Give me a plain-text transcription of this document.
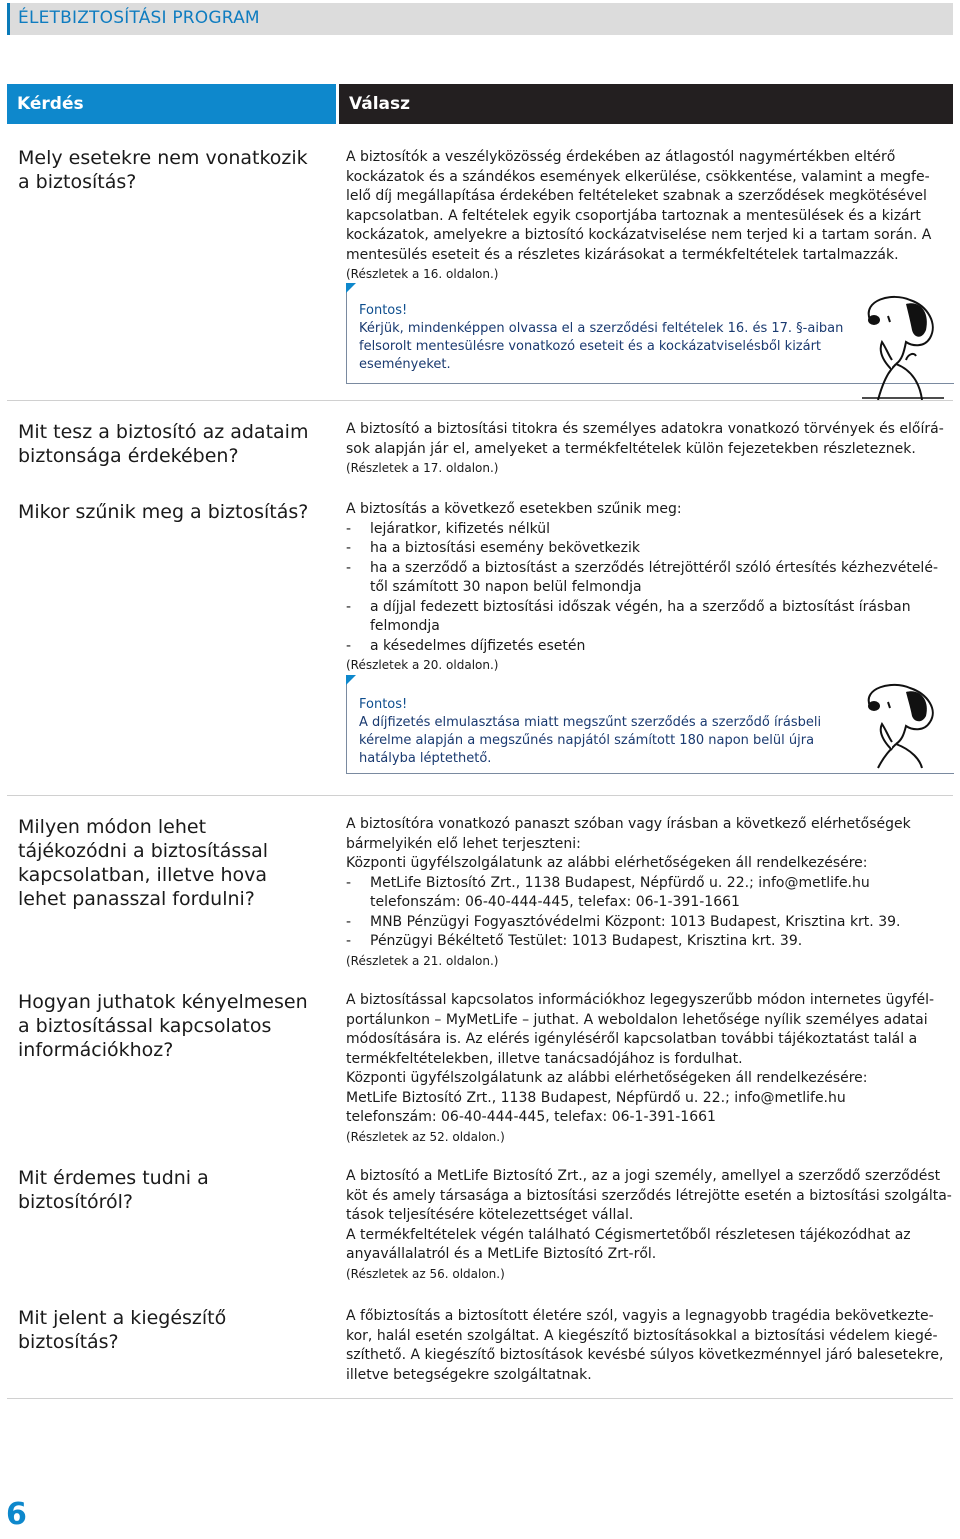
ÉLETBIZTOSÍTÁSI PROGRAM
Kérdés	Válasz
Mely esetekre nem vonatkozik
a biztosítás?
A biztosítók a veszélyközösség érdekében az átlagostól nagymértékben eltérő
kockázatok és a szándékos események elkerülése, csökkentése, valamint a megfe-
lelő díj megállapítása érdekében feltételeket szabnak a szerződések megkötésével
kapcsolatban. A feltételek egyik csoportjába tartoznak a mentesülések és a kizárt
kockázatok, amelyekre a biztosító kockázatviselése nem terjed ki a tartam során. A
mentesülés eseteit és a részletes kizárásokat a termékfeltételek tartalmazzák.
(Részletek a 16. oldalon.)
Fontos!
Kérjük, mindenképpen olvassa el a szerződési feltételek 16. és 17. §-aiban
felsorolt mentesülésre vonatkozó eseteit és a kockázatviselésből kizárt
eseményeket.
Mit tesz a biztosító az adataim
biztonsága érdekében?
A biztosító a biztosítási titokra és személyes adatokra vonatkozó törvények és előírá-
sok alapján jár el, amelyeket a termékfeltételek külön fejezetekben részleteznek.
(Részletek a 17. oldalon.)
Mikor szűnik meg a biztosítás?	A biztosítás a következő esetekben szűnik meg:
- lejáratkor, kifizetés nélkül
- ha a biztosítási esemény bekövetkezik
- ha a szerződő a biztosítást a szerződés létrejöttéről szóló értesítés kézhezvételé-
től számított 30 napon belül felmondja
- a díjjal fedezett biztosítási időszak végén, ha a szerződő a biztosítást írásban
felmondja
- a késedelmes díjfizetés esetén
(Részletek a 20. oldalon.)
Fontos!
A díjfizetés elmulasztása miatt megszűnt szerződés a szerződő írásbeli
kérelme alapján a megszűnés napjától számított 180 napon belül újra
hatályba léptethető.
Milyen módon lehet
tájékozódni a biztosítással
kapcsolatban, illetve hova
lehet panasszal fordulni?
A biztosítóra vonatkozó panaszt szóban vagy írásban a következő elérhetőségek
bármelyikén elő lehet terjeszteni:
Központi ügyfélszolgálatunk az alábbi elérhetőségeken áll rendelkezésére:
- MetLife Biztosító Zrt., 1138 Budapest, Népfürdő u. 22.; info@metlife.hu
telefonszám: 06-40-444-445, telefax: 06-1-391-1661
- MNB Pénzügyi Fogyasztóvédelmi Központ: 1013 Budapest, Krisztina krt. 39.
- Pénzügyi Békéltető Testület: 1013 Budapest, Krisztina krt. 39.
(Részletek a 21. oldalon.)
Hogyan juthatok kényelmesen
a biztosítással kapcsolatos
információkhoz?
A biztosítással kapcsolatos információkhoz legegyszerűbb módon internetes ügyfél-
portálunkon – MyMetLife – juthat. A weboldalon lehetősége nyílik személyes adatai
módosítására is. Az elérés igényléséről kapcsolatban további tájékoztatást talál a
termékfeltételekben, illetve tanácsadójához is fordulhat.
Központi ügyfélszolgálatunk az alábbi elérhetőségeken áll rendelkezésére:
MetLife Biztosító Zrt., 1138 Budapest, Népfürdő u. 22.; info@metlife.hu
telefonszám: 06-40-444-445, telefax: 06-1-391-1661
(Részletek az 52. oldalon.)
Mit érdemes tudni a
biztosítóról?
A biztosító a MetLife Biztosító Zrt., az a jogi személy, amellyel a szerződő szerződést
köt és amely társasága a biztosítási szerződés létrejötte esetén a biztosítási szolgálta-
tások teljesítésére kötelezettséget vállal.
A termékfeltételek végén található Cégismertetőből részletesen tájékozódhat az
anyavállalatról és a MetLife Biztosító Zrt-ről.
(Részletek az 56. oldalon.)
Mit jelent a kiegészítő
biztosítás?
A főbiztosítás a biztosított életére szól, vagyis a legnagyobb tragédia bekövetkezte-
kor, halál esetén szolgáltat. A kiegészítő biztosításokkal a biztosítási védelem kiegé-
szíthető. A kiegészítő biztosítások kevésbé súlyos következménnyel járó balesetekre,
illetve betegségekre szolgáltatnak.
6
